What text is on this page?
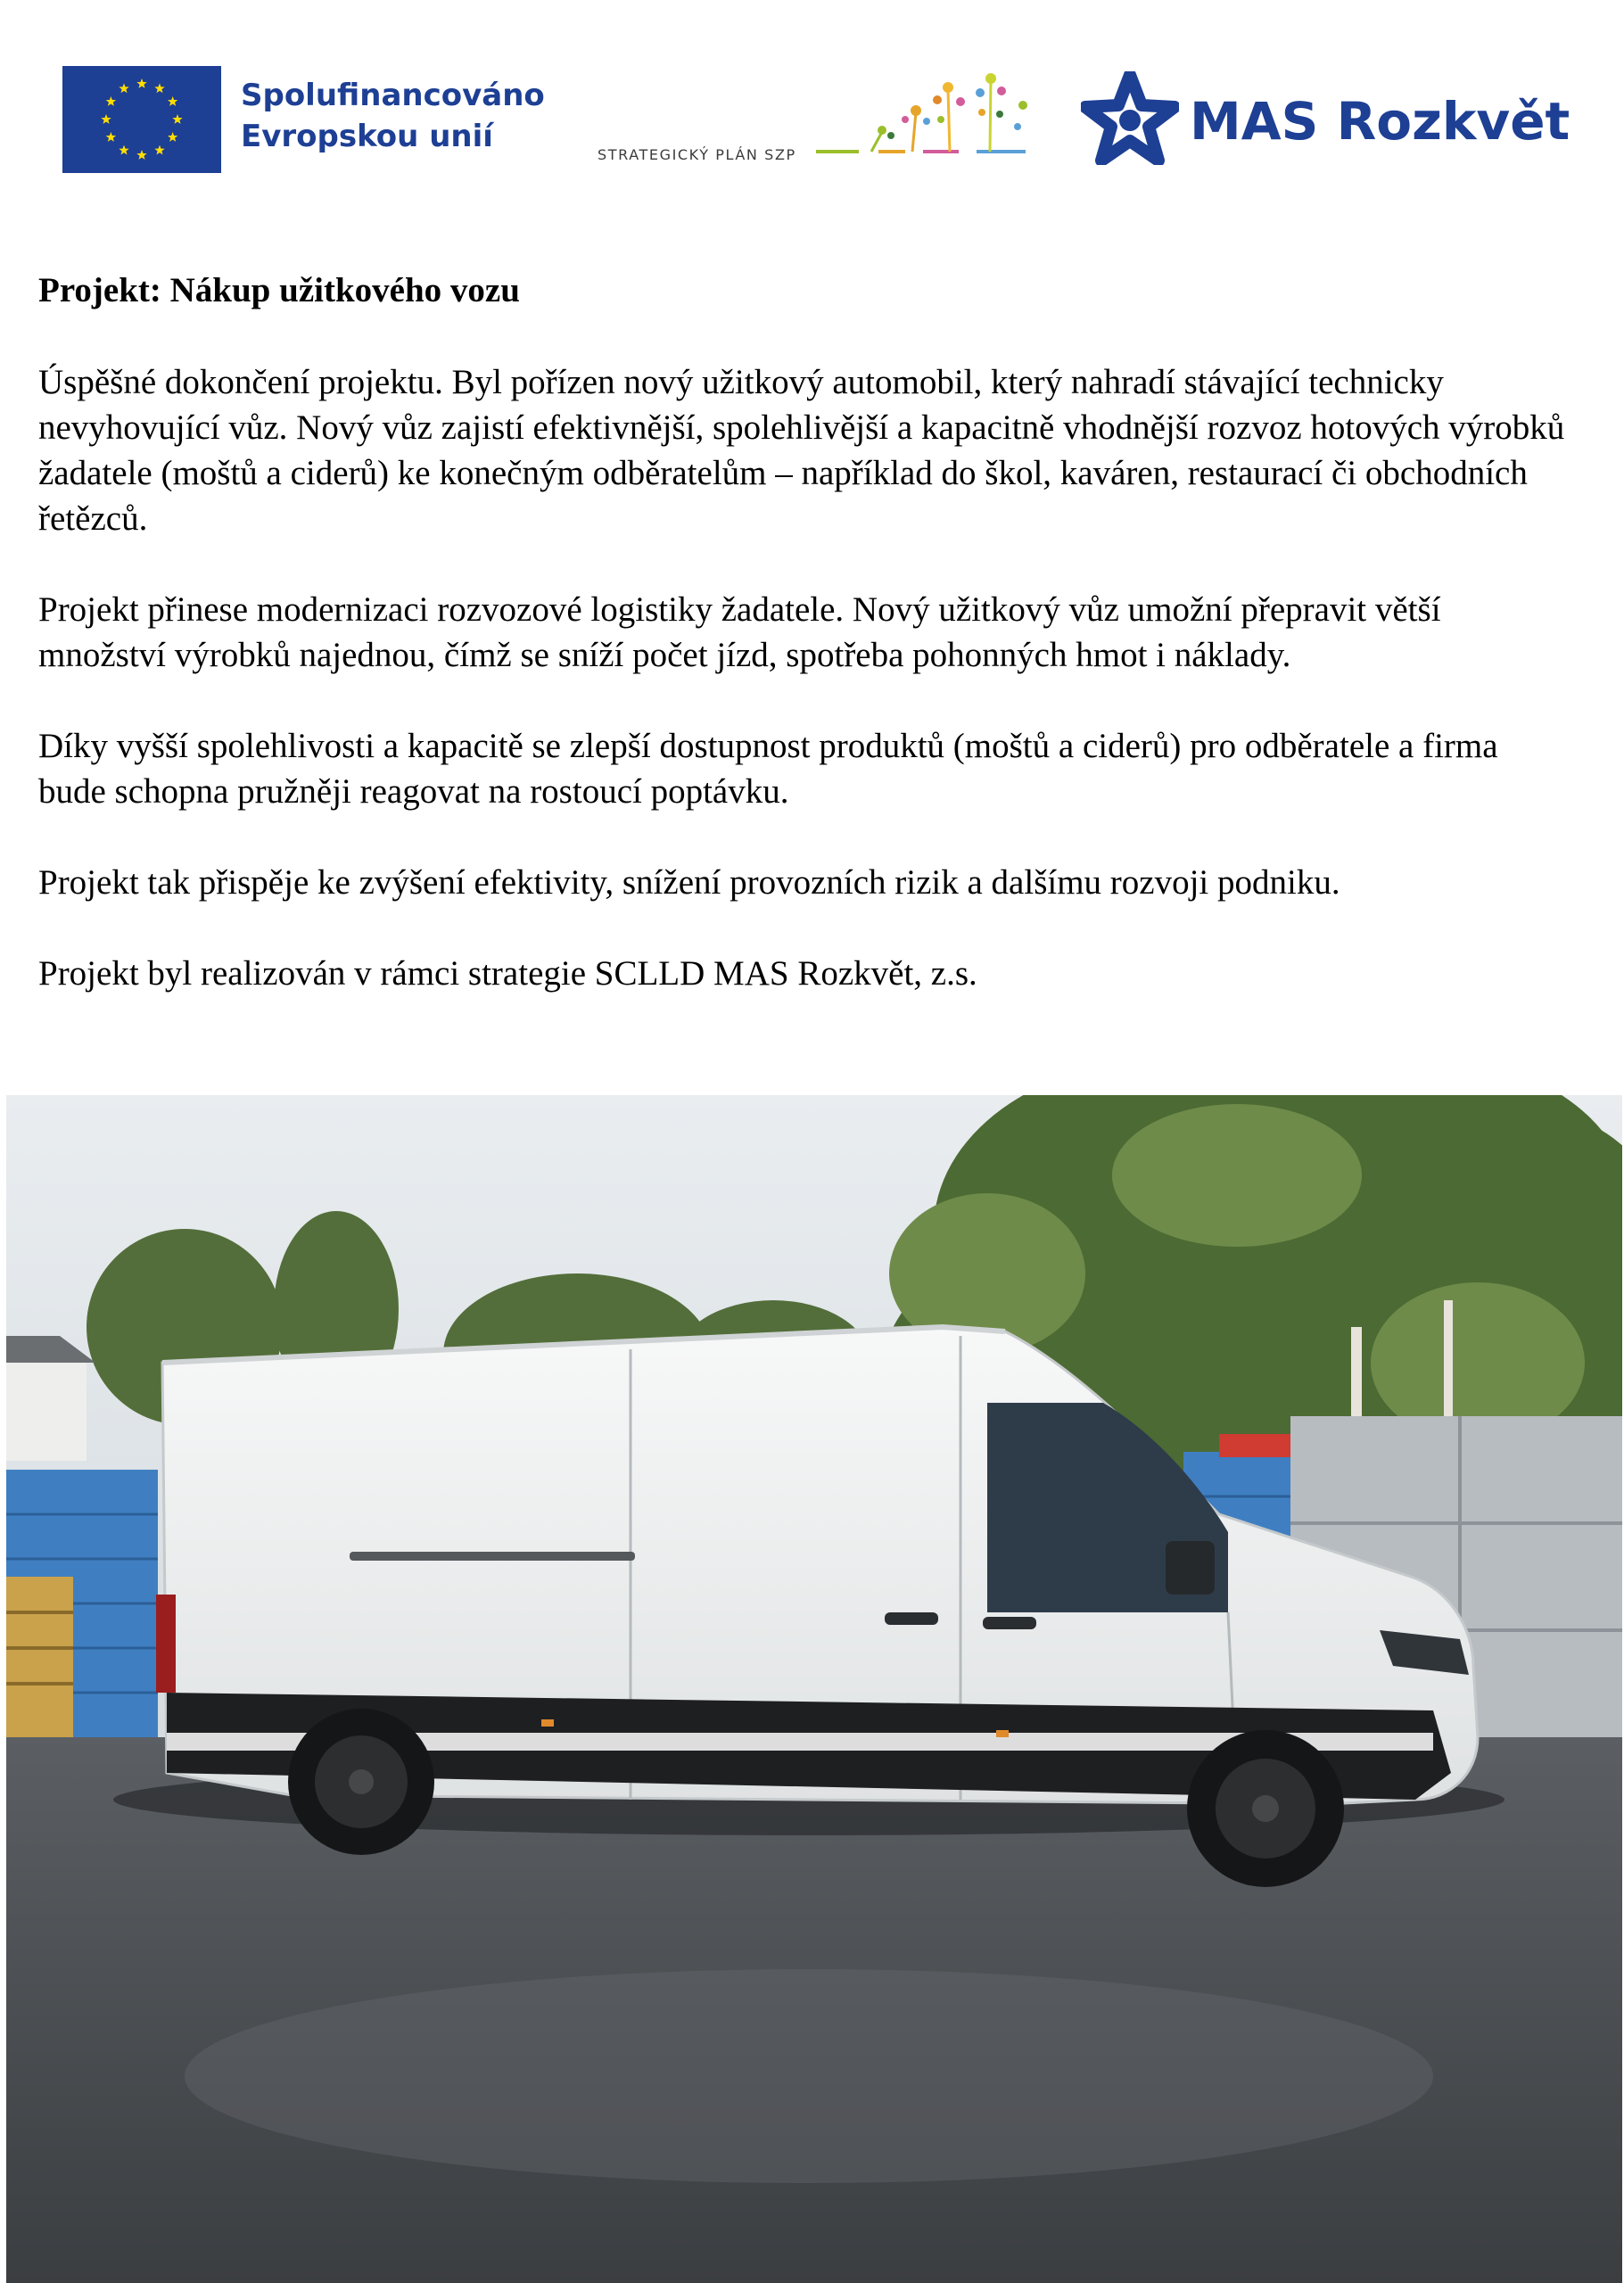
Spolufinancováno
Evropskou unií
STRATEGICKÝ PLÁN SZP
MAS Rozkvět
Projekt: Nákup užitkového vozu

Úspěšné dokončení projektu. Byl pořízen nový užitkový automobil, který nahradí stávající technicky nevyhovující vůz. Nový vůz zajistí efektivnější, spolehlivější a kapacitně vhodnější rozvoz hotových výrobků žadatele (moštů a ciderů) ke konečným odběratelům – například do škol, kaváren, restaurací či obchodních řetězců.

Projekt přinese modernizaci rozvozové logistiky žadatele. Nový užitkový vůz umožní přepravit větší množství výrobků najednou, čímž se sníží počet jízd, spotřeba pohonných hmot i náklady.

Díky vyšší spolehlivosti a kapacitě se zlepší dostupnost produktů (moštů a ciderů) pro odběratele a firma bude schopna pružněji reagovat na rostoucí poptávku.

Projekt tak přispěje ke zvýšení efektivity, snížení provozních rizik a dalšímu rozvoji podniku.

Projekt byl realizován v rámci strategie SCLLD MAS Rozkvět, z.s.
